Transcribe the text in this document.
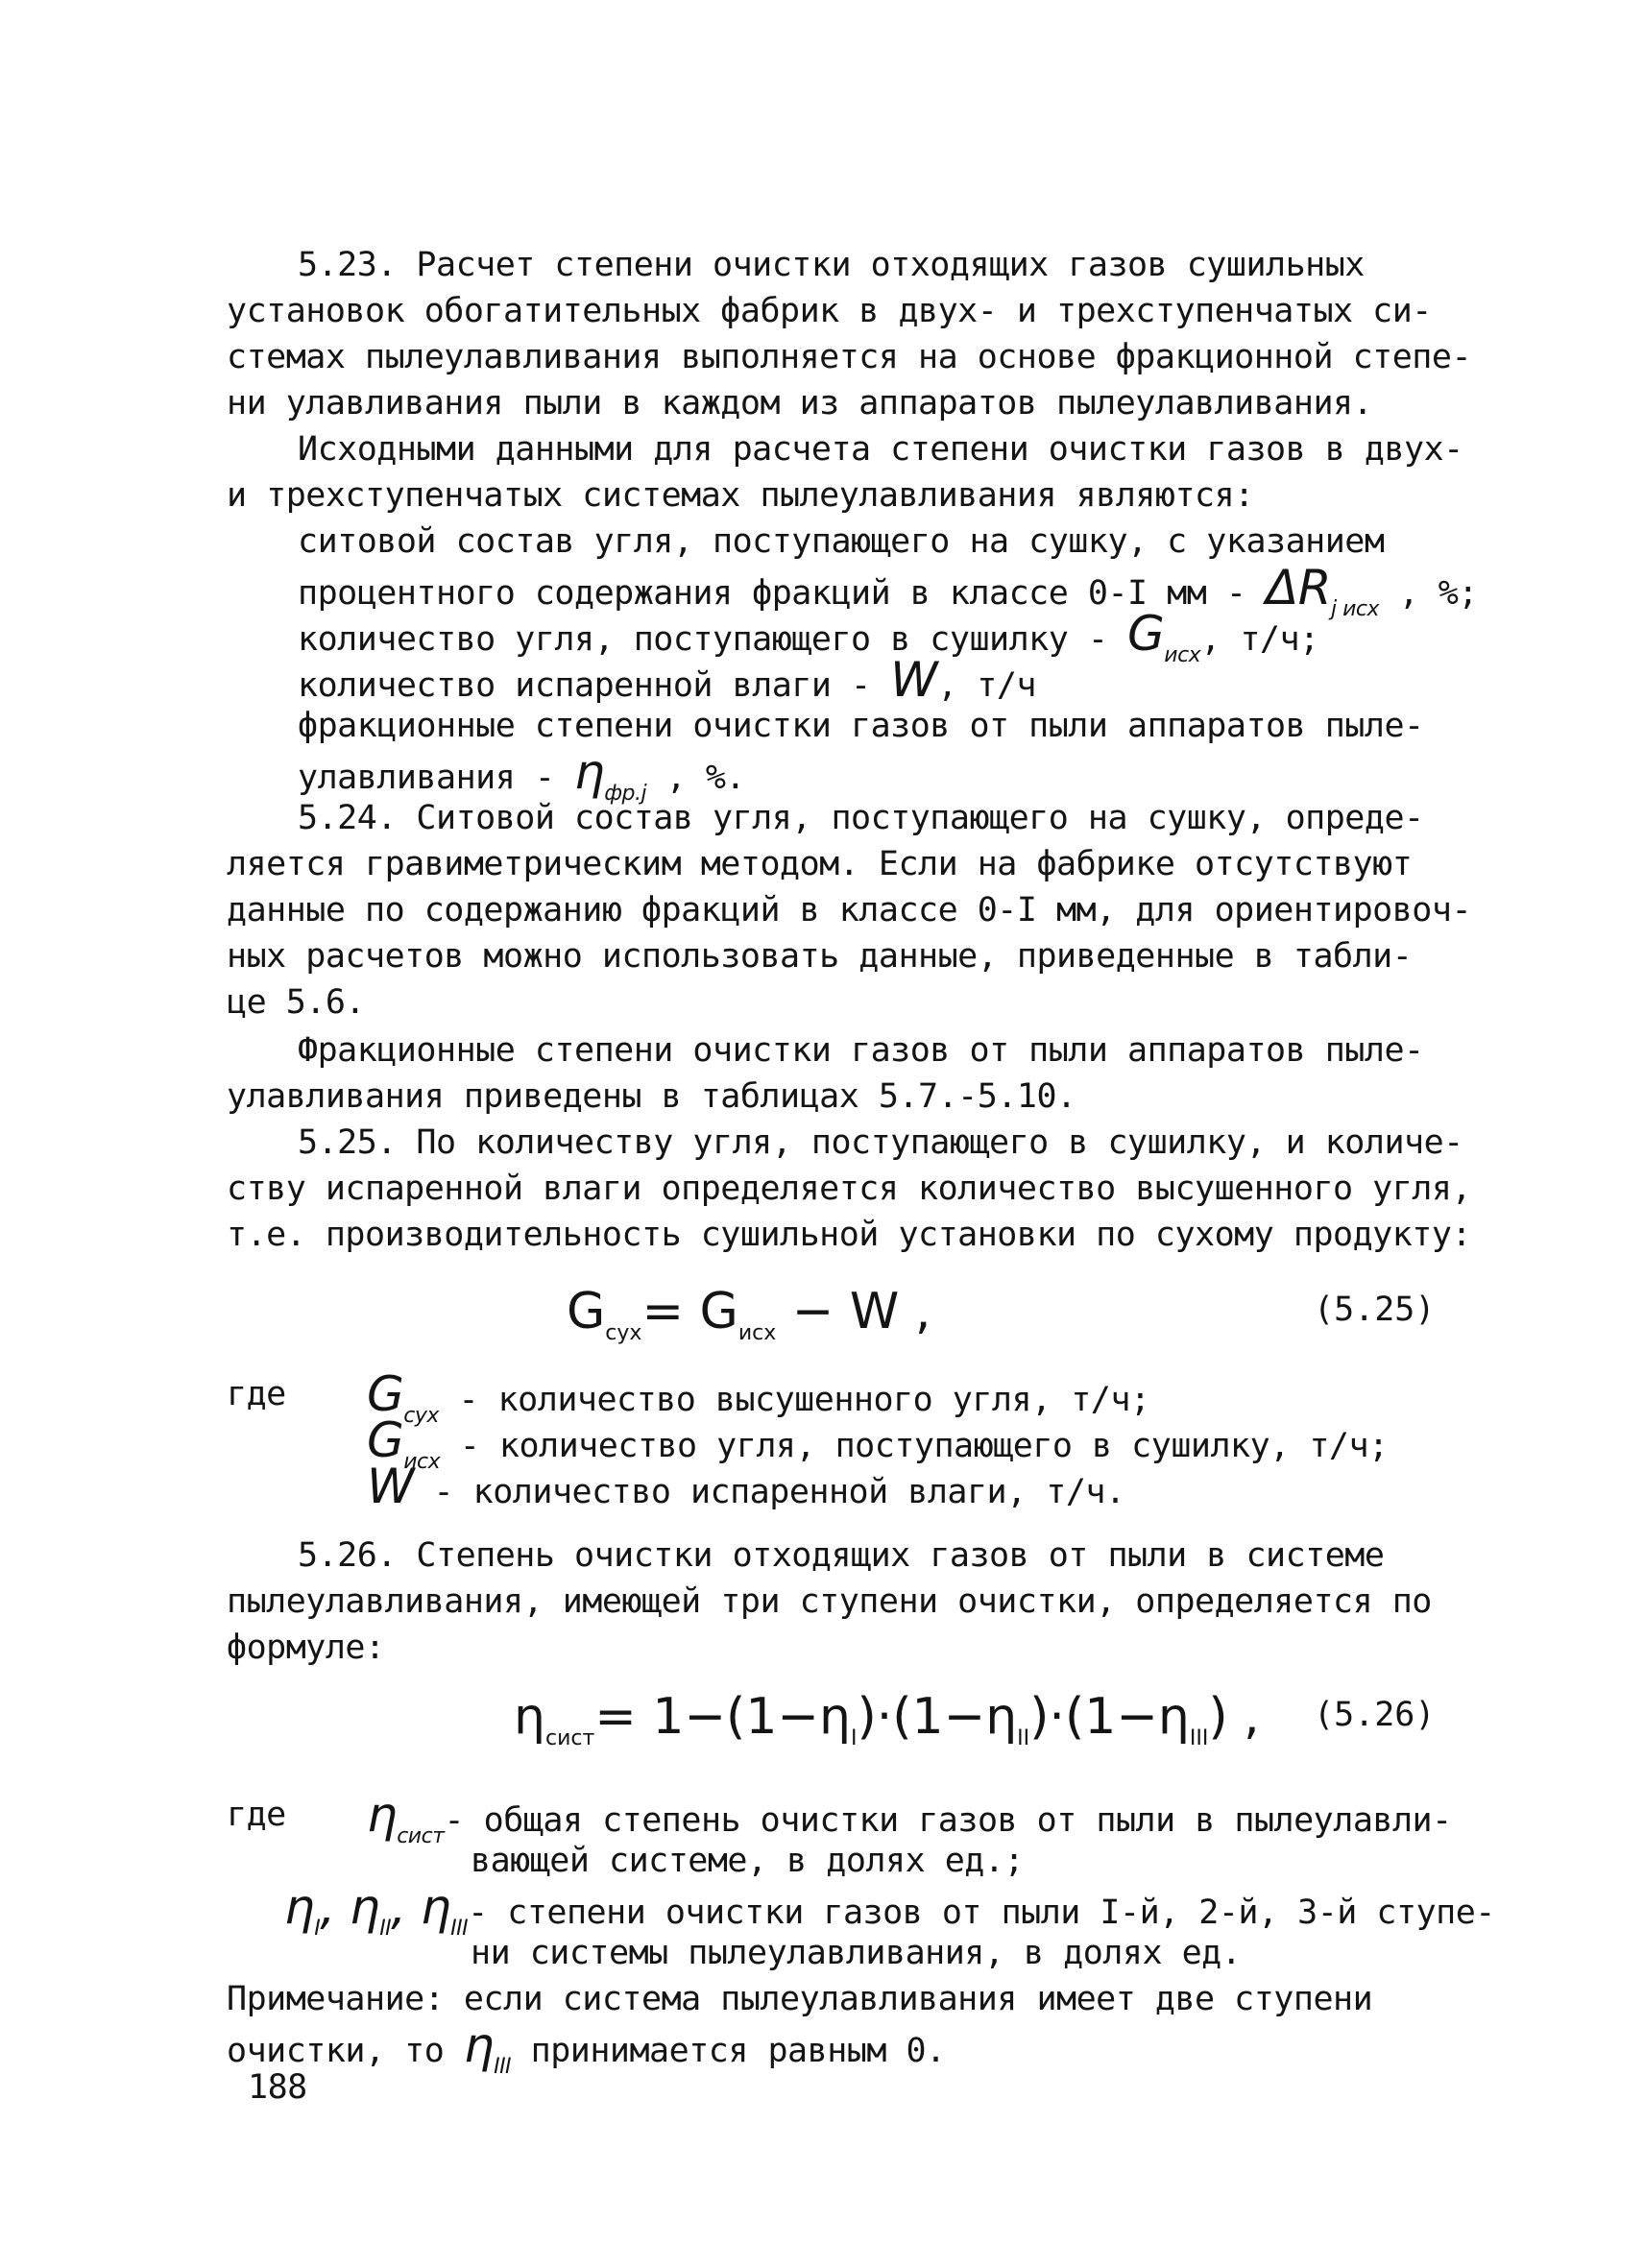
5.23. Расчет степени очистки отходящих газов сушильных
установок обогатительных фабрик в двух- и трехступенчатых си-
стемах пылеулавливания выполняется на основе фракционной степе-
ни улавливания пыли в каждом из аппаратов пылеулавливания.
Исходными данными для расчета степени очистки газов в двух-
и трехступенчатых системах пылеулавливания являются:
ситовой состав угля, поступающего на сушку, с указанием
процентного содержания фракций в классе 0-I мм - $\Delta R_{j исх}$ , %;
количество угля, поступающего в сушилку - $G_{исх}$, т/ч;
количество испаренной влаги - W, т/ч
фракционные степени очистки газов от пыли аппаратов пыле-
улавливания - $\eta_{фр.j}$ , %.
5.24. Ситовой состав угля, поступающего на сушку, опреде-
ляется гравиметрическим методом. Если на фабрике отсутствуют
данные по содержанию фракций в классе 0-I мм, для ориентировоч-
ных расчетов можно использовать данные, приведенные в табли-
це 5.6.
Фракционные степени очистки газов от пыли аппаратов пыле-
улавливания приведены в таблицах 5.7.-5.10.
5.25. По количеству угля, поступающего в сушилку, и количе-
ству испаренной влаги определяется количество высушенного угля,
т.е. производительность сушильной установки по сухому продукту:
$G_{сух}= G_{исх} - W$ ,	(5.25)
где $G_{сух}$ - количество высушенного угля, т/ч;
$G_{исх}$ - количество угля, поступающего в сушилку, т/ч;
W - количество испаренной влаги, т/ч.
5.26. Степень очистки отходящих газов от пыли в системе
пылеулавливания, имеющей три ступени очистки, определяется по
формуле:
$\eta_{сист}= 1-(1-\eta_I)\cdot(1-\eta_{II})\cdot(1-\eta_{III})$ , (5.26)
где $\eta_{сист}-$ общая степень очистки газов от пыли в пылеулавли-
вающей системе, в долях ед.;
$\eta_I$, $\eta_{II}$, $\eta_{III}-$ степени очистки газов от пыли I-й, 2-й, 3-й ступе-
ни системы пылеулавливания, в долях ед.
Примечание: если система пылеулавливания имеет две ступени
очистки, то $\eta_{III}$ принимается равным 0.
188
